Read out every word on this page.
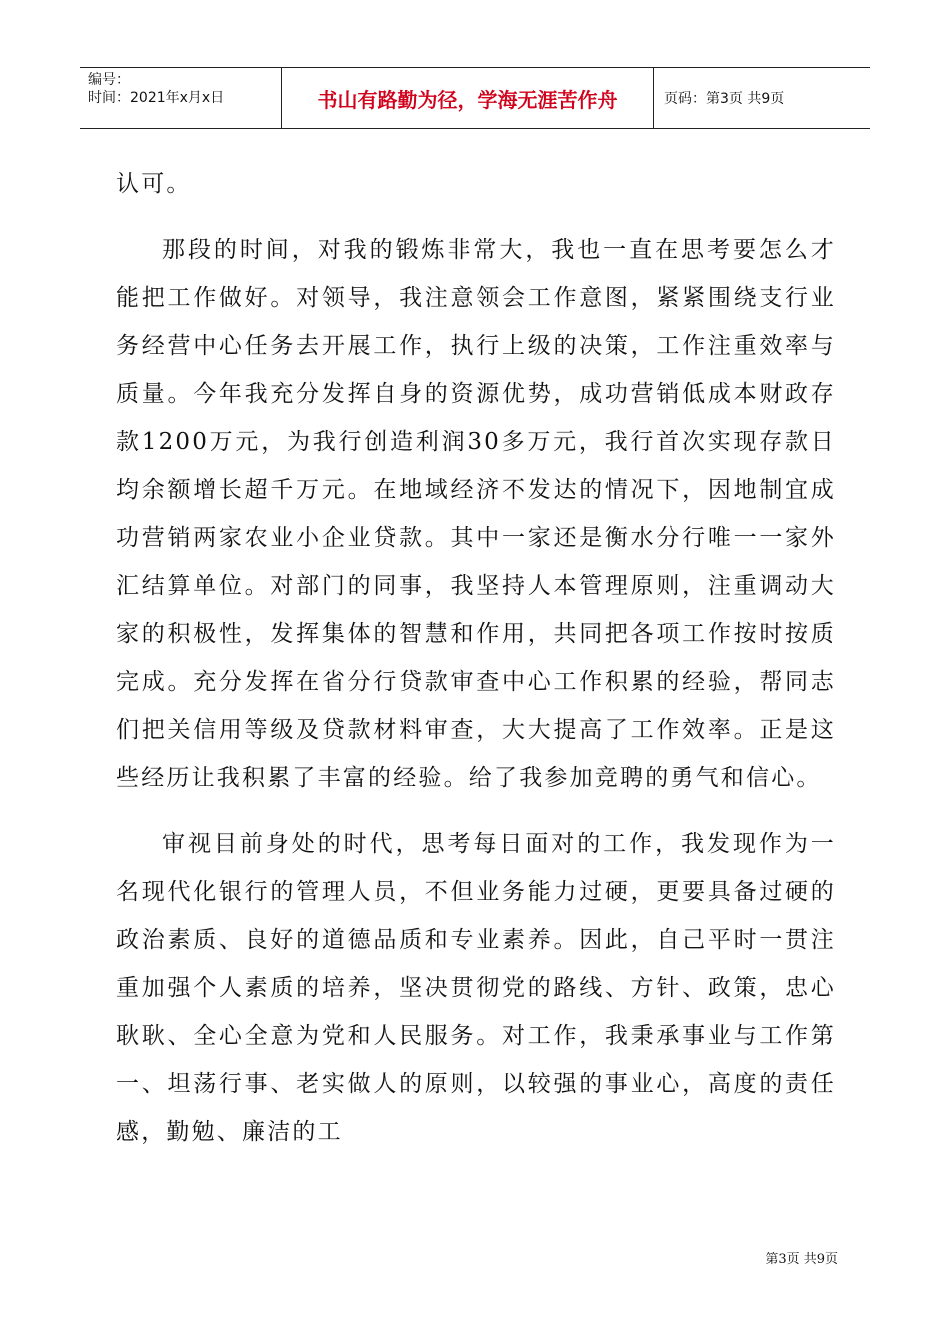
编号：
时间：2021年x月x日	书山有路勤为径，学海无涯苦作舟	页码：第3页 共9页

认可。

那段的时间，对我的锻炼非常大，我也一直在思考要怎么才能把工作做好。对领导，我注意领会工作意图，紧紧围绕支行业务经营中心任务去开展工作，执行上级的决策，工作注重效率与质量。今年我充分发挥自身的资源优势，成功营销低成本财政存款1200万元，为我行创造利润30多万元，我行首次实现存款日均余额增长超千万元。在地域经济不发达的情况下，因地制宜成功营销两家农业小企业贷款。其中一家还是衡水分行唯一一家外汇结算单位。对部门的同事，我坚持人本管理原则，注重调动大家的积极性，发挥集体的智慧和作用，共同把各项工作按时按质完成。充分发挥在省分行贷款审查中心工作积累的经验，帮同志们把关信用等级及贷款材料审查，大大提高了工作效率。正是这些经历让我积累了丰富的经验。给了我参加竞聘的勇气和信心。

审视目前身处的时代，思考每日面对的工作，我发现作为一名现代化银行的管理人员，不但业务能力过硬，更要具备过硬的政治素质、良好的道德品质和专业素养。因此，自己平时一贯注重加强个人素质的培养，坚决贯彻党的路线、方针、政策，忠心耿耿、全心全意为党和人民服务。对工作，我秉承事业与工作第一、坦荡行事、老实做人的原则，以较强的事业心，高度的责任感，勤勉、廉洁的工

第3页 共9页
